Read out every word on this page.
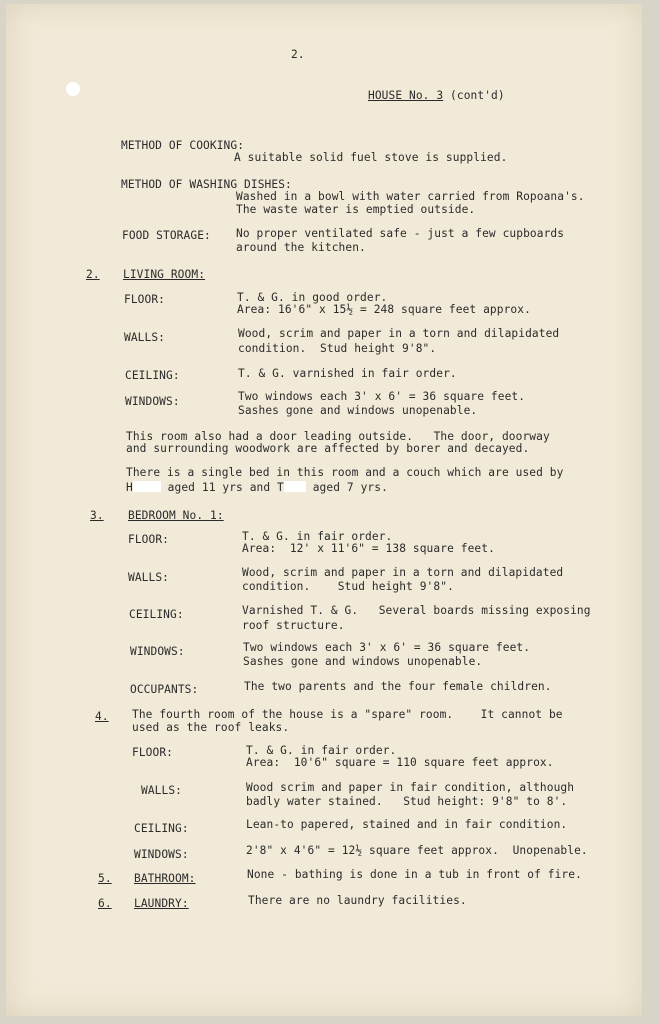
2.
HOUSE No. 3 (cont'd)
METHOD OF COOKING:
A suitable solid fuel stove is supplied.
METHOD OF WASHING DISHES:
Washed in a bowl with water carried from Ropoana's.
The waste water is emptied outside.
FOOD STORAGE: No proper ventilated safe - just a few cupboards
around the kitchen.
2. LIVING ROOM:
FLOOR:	T. & G. in good order.
Area: 16'6" x 15½ = 248 square feet approx.
WALLS:	Wood, scrim and paper in a torn and dilapidated
condition.  Stud height 9'8".
CEILING:	T. & G. varnished in fair order.
WINDOWS:	Two windows each 3' x 6' = 36 square feet.
Sashes gone and windows unopenable.
This room also had a door leading outside.   The door, doorway
and surrounding woodwork are affected by borer and decayed.
There is a single bed in this room and a couch which are used by
H	aged 11 yrs and T aged 7 yrs.
3. BEDROOM No. 1:
FLOOR:	T. & G. in fair order.
Area:  12' x 11'6" = 138 square feet.
WALLS:	Wood, scrim and paper in a torn and dilapidated
condition.    Stud height 9'8".
CEILING:	Varnished T. & G.   Several boards missing exposing
roof structure.
WINDOWS:	Two windows each 3' x 6' = 36 square feet.
Sashes gone and windows unopenable.
OCCUPANTS:	The two parents and the four female children.
4. The fourth room of the house is a "spare" room.    It cannot be
used as the roof leaks.
FLOOR:	T. & G. in fair order.
Area:  10'6" square = 110 square feet approx.
WALLS:	Wood scrim and paper in fair condition, although
badly water stained.   Stud height: 9'8" to 8'.
CEILING:	Lean-to papered, stained and in fair condition.
WINDOWS:	2'8" x 4'6" = 12½ square feet approx.  Unopenable.
5. BATHROOM:	None - bathing is done in a tub in front of fire.
6. LAUNDRY:	There are no laundry facilities.
